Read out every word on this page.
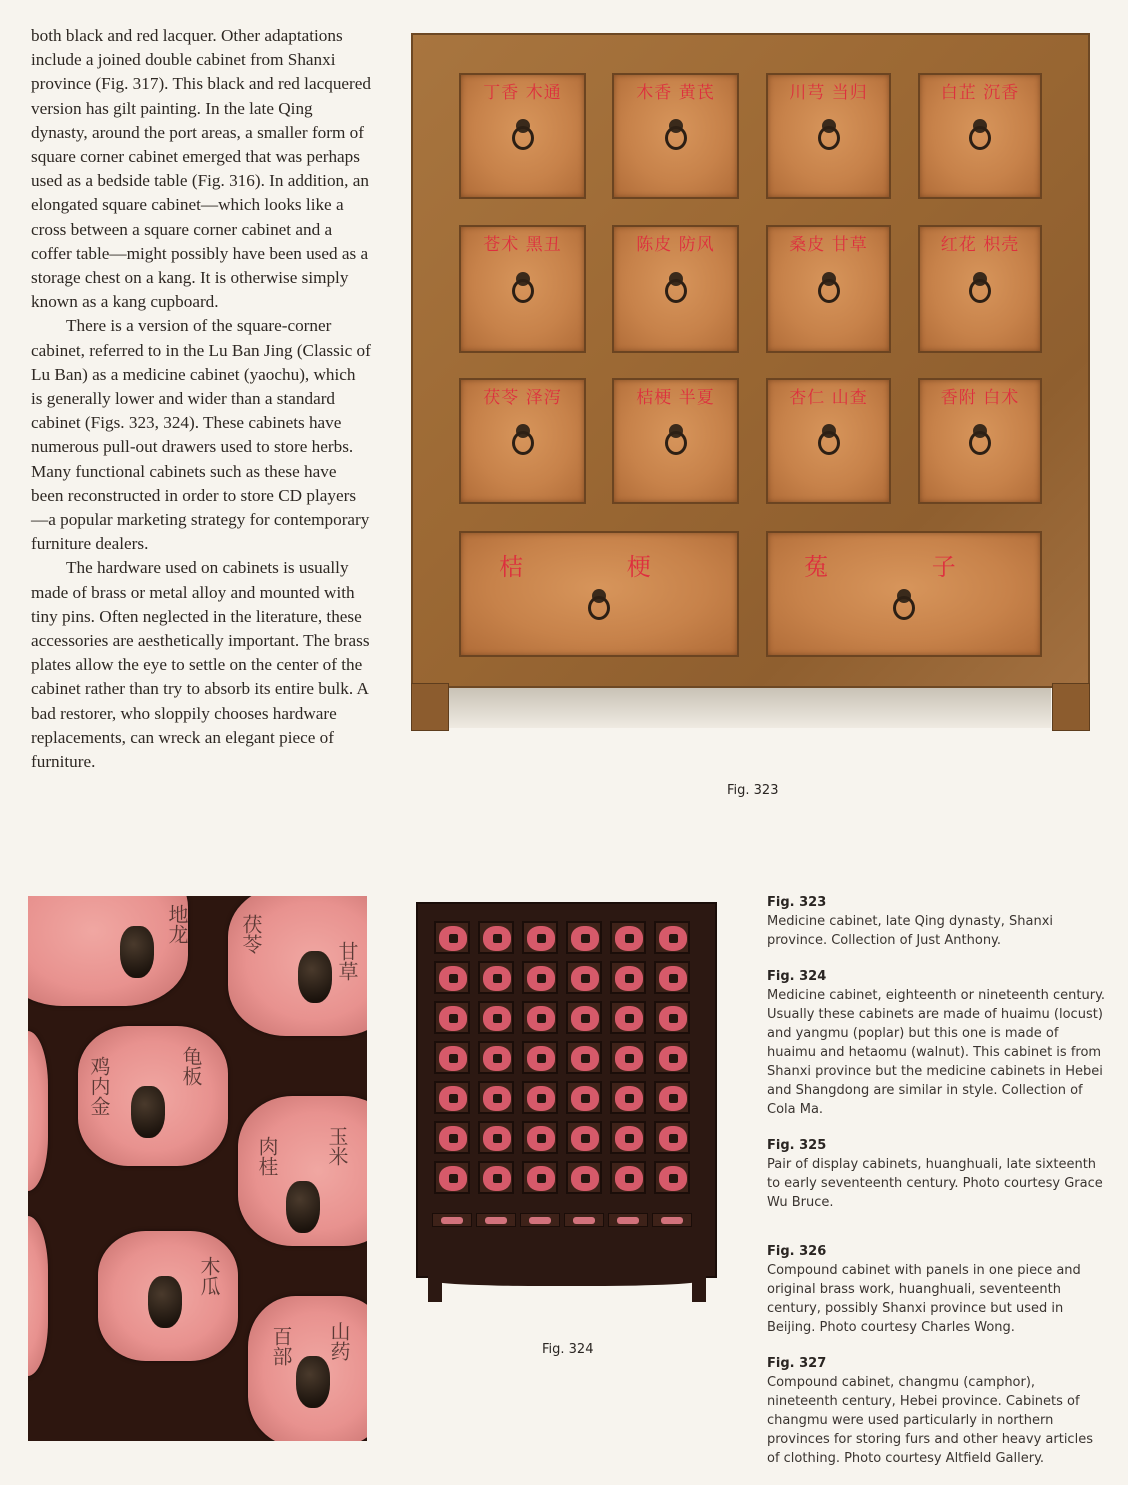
both black and red lacquer. Other adaptations include a joined double cabinet from Shanxi province (Fig. 317). This black and red lacquered version has gilt painting. In the late Qing dynasty, around the port areas, a smaller form of square corner cabinet emerged that was perhaps used as a bedside table (Fig. 316). In addition, an elongated square cabinet—which looks like a cross between a square corner cabinet and a coffer table—might possibly have been used as a storage chest on a kang. It is otherwise simply known as a kang cupboard.

There is a version of the square-corner cabinet, referred to in the Lu Ban Jing (Classic of Lu Ban) as a medicine cabinet (yaochu), which is generally lower and wider than a standard cabinet (Figs. 323, 324). These cabinets have numerous pull-out drawers used to store herbs. Many functional cabinets such as these have been reconstructed in order to store CD players—a popular marketing strategy for contemporary furniture dealers.

The hardware used on cabinets is usually made of brass or metal alloy and mounted with tiny pins. Often neglected in the literature, these accessories are aesthetically important. The brass plates allow the eye to settle on the center of the cabinet rather than try to absorb its entire bulk. A bad restorer, who sloppily chooses hardware replacements, can wreck an elegant piece of furniture.

丁香 木通	木香 黄芪	川芎 当归	白芷 沉香
苍术 黑丑	陈皮 防风	桑皮 甘草	红花 枳壳
茯苓 泽泻	桔梗 半夏	杏仁 山查	香附 白术
桔 梗	菟 子
Fig. 323
地龙
甘草
龟板
鸡内金
茯苓
玉米
肉桂
山药
木瓜
百部	Fig. 324
Fig. 323
Medicine cabinet, late Qing dynasty, Shanxi province. Collection of Just Anthony.
Fig. 324
Medicine cabinet, eighteenth or nineteenth century. Usually these cabinets are made of huaimu (locust) and yangmu (poplar) but this one is made of huaimu and hetaomu (walnut). This cabinet is from Shanxi province but the medicine cabinets in Hebei and Shangdong are similar in style. Collection of Cola Ma.
Fig. 325
Pair of display cabinets, huanghuali, late sixteenth to early seventeenth century. Photo courtesy Grace Wu Bruce.
Fig. 326
Compound cabinet with panels in one piece and original brass work, huanghuali, seventeenth century, possibly Shanxi province but used in Beijing. Photo courtesy Charles Wong.
Fig. 327
Compound cabinet, changmu (camphor), nineteenth century, Hebei province. Cabinets of changmu were used particularly in northern provinces for storing furs and other heavy articles of clothing. Photo courtesy Altfield Gallery.
